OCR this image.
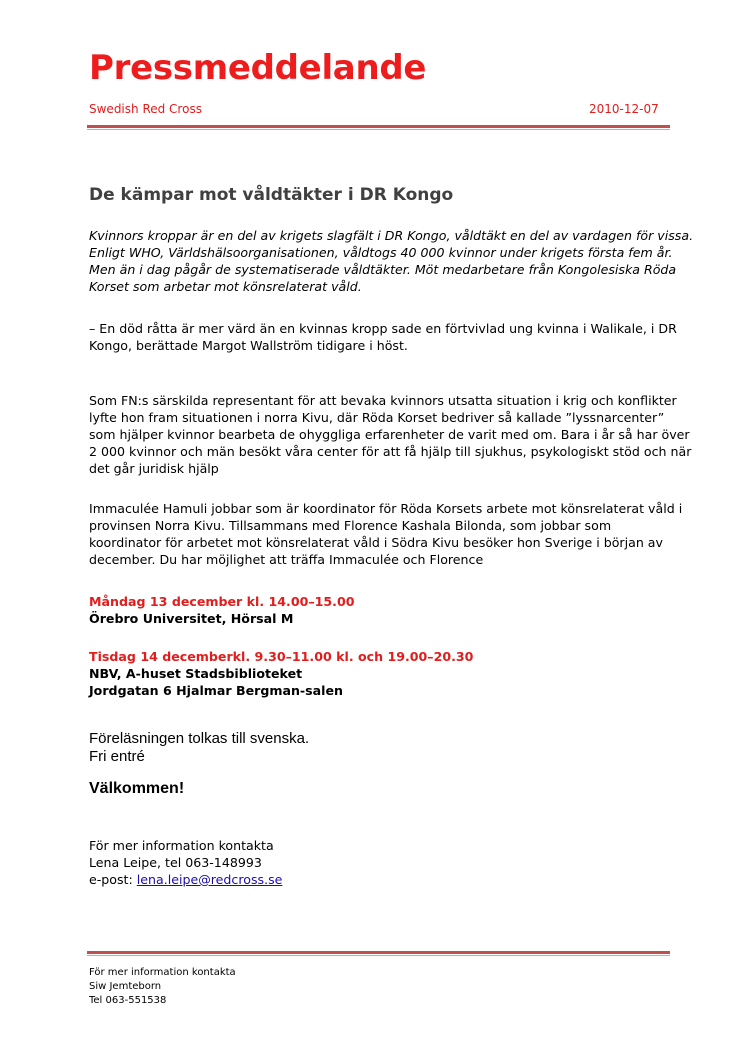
Pressmeddelande
Swedish Red Cross	2010-12-07
De kämpar mot våldtäkter i DR Kongo
Kvinnors kroppar är en del av krigets slagfält i DR Kongo, våldtäkt en del av vardagen för vissa.
Enligt WHO, Världshälsoorganisationen, våldtogs 40 000 kvinnor under krigets första fem år.
Men än i dag pågår de systematiserade våldtäkter. Möt medarbetare från Kongolesiska Röda
Korset som arbetar mot könsrelaterat våld.
– En död råtta är mer värd än en kvinnas kropp sade en förtvivlad ung kvinna i Walikale, i DR
Kongo, berättade Margot Wallström tidigare i höst.
Som FN:s särskilda representant för att bevaka kvinnors utsatta situation i krig och konflikter
lyfte hon fram situationen i norra Kivu, där Röda Korset bedriver så kallade ”lyssnarcenter”
som hjälper kvinnor bearbeta de ohyggliga erfarenheter de varit med om. Bara i år så har över
2 000 kvinnor och män besökt våra center för att få hjälp till sjukhus, psykologiskt stöd och när
det går juridisk hjälp
Immaculée Hamuli jobbar som är koordinator för Röda Korsets arbete mot könsrelaterat våld i
provinsen Norra Kivu. Tillsammans med Florence Kashala Bilonda, som jobbar som
koordinator för arbetet mot könsrelaterat våld i Södra Kivu besöker hon Sverige i början av
december. Du har möjlighet att träffa Immaculée och Florence
Måndag 13 december kl. 14.00–15.00
Örebro Universitet, Hörsal M
Tisdag 14 decemberkl. 9.30–11.00 kl. och 19.00–20.30
NBV, A-huset Stadsbiblioteket
Jordgatan 6 Hjalmar Bergman-salen
Föreläsningen tolkas till svenska.
Fri entré
Välkommen!
För mer information kontakta
Lena Leipe, tel 063-148993
e-post: lena.leipe@redcross.se
För mer information kontakta
Siw Jemteborn
Tel 063-551538
